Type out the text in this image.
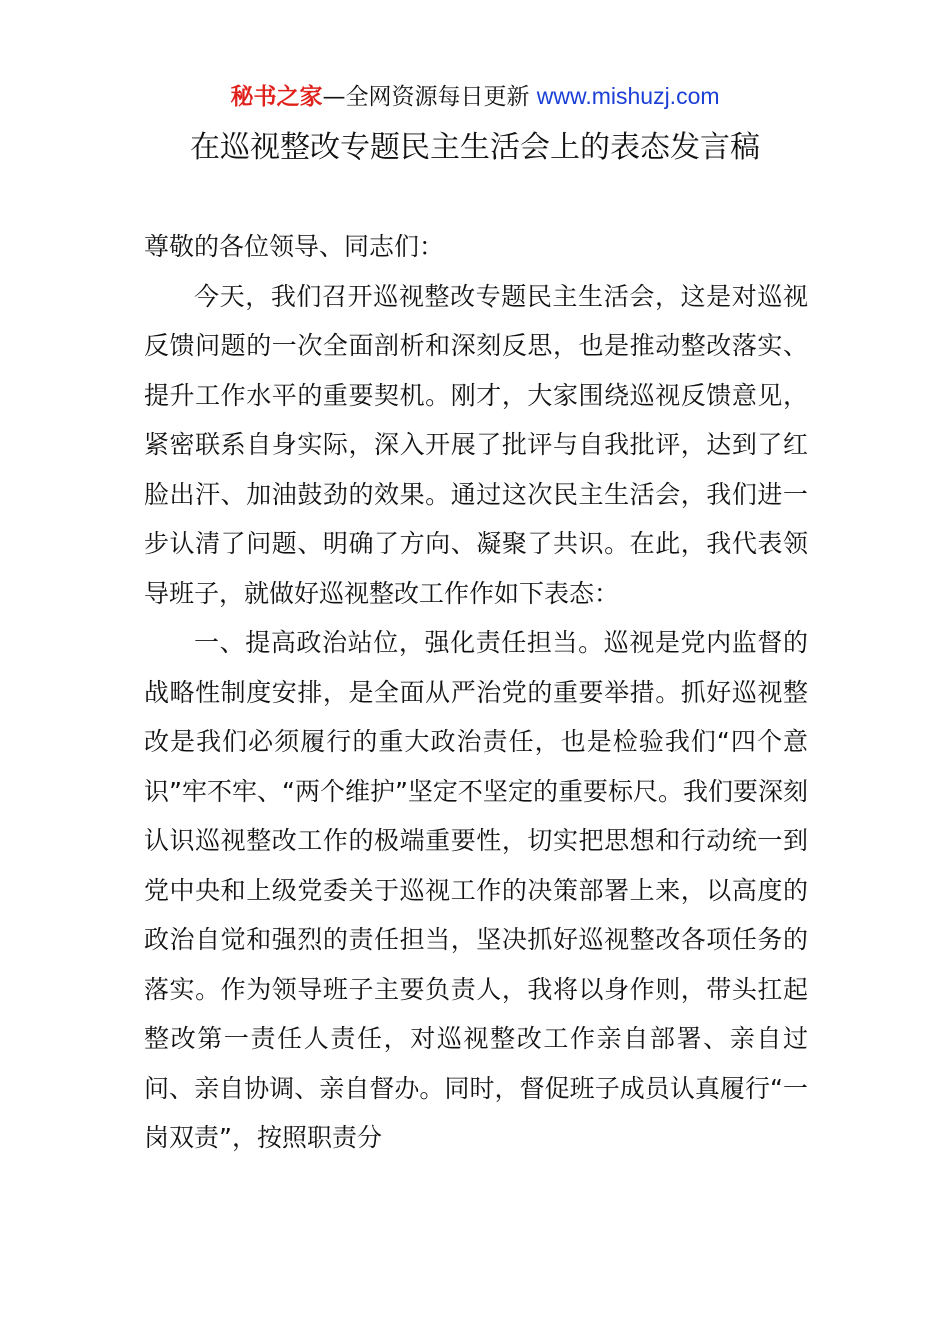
秘书之家—全网资源每日更新 www.mishuzj.com
在巡视整改专题民主生活会上的表态发言稿

尊敬的各位领导、同志们：

今天，我们召开巡视整改专题民主生活会，这是对巡视反馈问题的一次全面剖析和深刻反思，也是推动整改落实、提升工作水平的重要契机。刚才，大家围绕巡视反馈意见，紧密联系自身实际，深入开展了批评与自我批评，达到了红脸出汗、加油鼓劲的效果。通过这次民主生活会，我们进一步认清了问题、明确了方向、凝聚了共识。在此，我代表领导班子，就做好巡视整改工作作如下表态：

一、提高政治站位，强化责任担当。巡视是党内监督的战略性制度安排，是全面从严治党的重要举措。抓好巡视整改是我们必须履行的重大政治责任，也是检验我们“四个意识”牢不牢、“两个维护”坚定不坚定的重要标尺。我们要深刻认识巡视整改工作的极端重要性，切实把思想和行动统一到党中央和上级党委关于巡视工作的决策部署上来，以高度的政治自觉和强烈的责任担当，坚决抓好巡视整改各项任务的落实。作为领导班子主要负责人，我将以身作则，带头扛起整改第一责任人责任，对巡视整改工作亲自部署、亲自过问、亲自协调、亲自督办。同时，督促班子成员认真履行“一岗双责”，按照职责分
